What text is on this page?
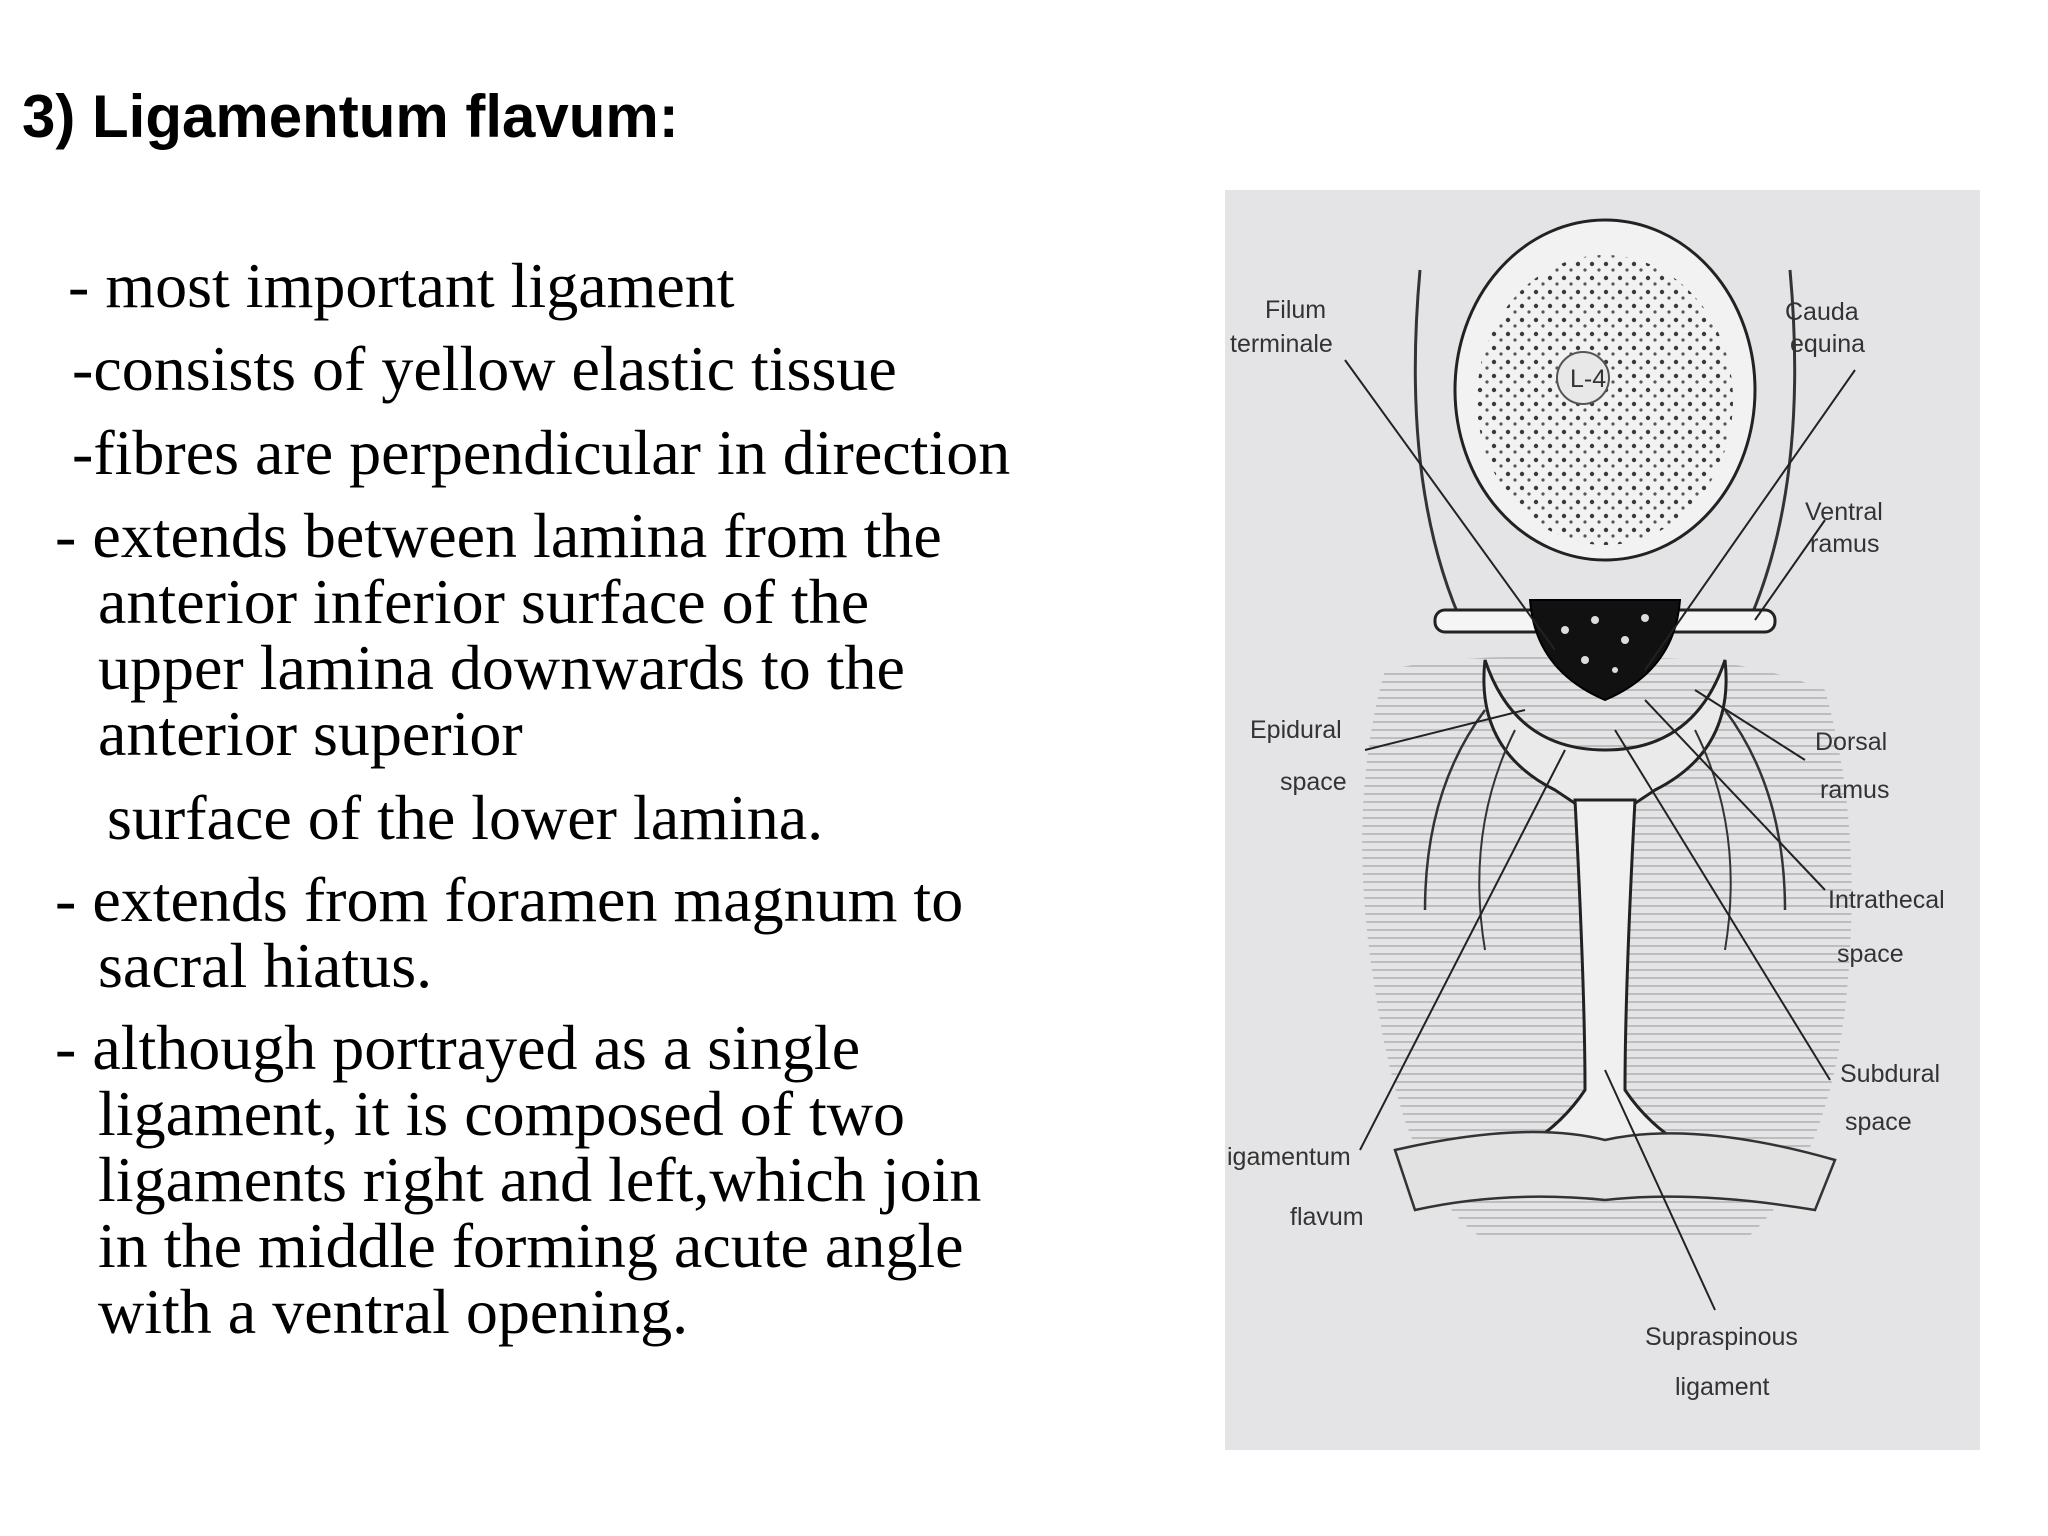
3) Ligamentum flavum:
- most important ligament
-consists of yellow elastic tissue
-fibres are perpendicular in direction
- extends between lamina from the
anterior inferior surface of the
upper lamina downwards to the
anterior superior
surface of the lower lamina.
- extends from foramen magnum to
sacral hiatus.
- although portrayed as a single
ligament, it is composed of two
ligaments right and left,which join
in the middle forming acute angle
with a ventral opening.
L-4
Filum
terminale
Cauda
equina
Ventral
ramus
Epidural
space
Dorsal
ramus
Intrathecal
space
Subdural
space
igamentum
flavum
Supraspinous
ligament
